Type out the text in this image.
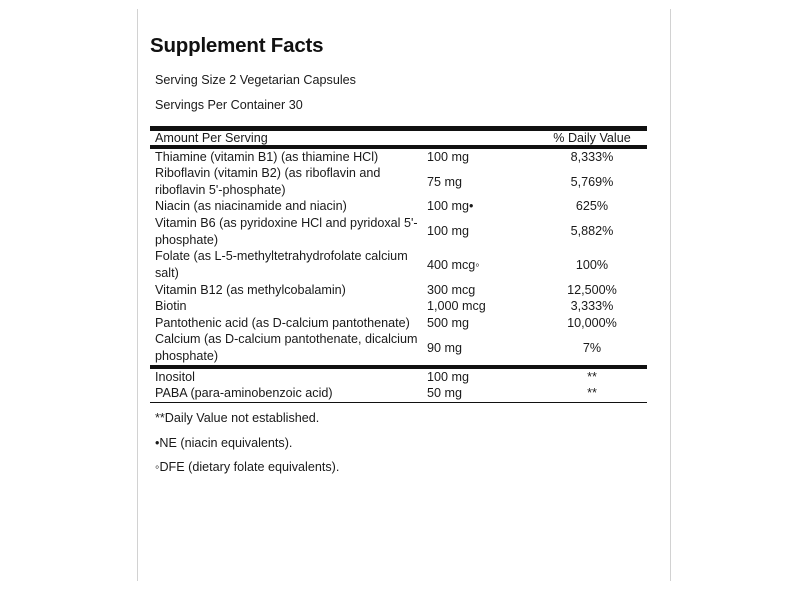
Supplement Facts
Serving Size 2 Vegetarian Capsules
Servings Per Container 30
Amount Per Serving		% Daily Value
Thiamine (vitamin B1) (as thiamine HCl)	100 mg	8,333%
Riboflavin (vitamin B2) (as riboflavin and riboflavin 5'-phosphate)	75 mg	5,769%
Niacin (as niacinamide and niacin)	100 mg•	625%
Vitamin B6 (as pyridoxine HCl and pyridoxal 5'-phosphate)	100 mg	5,882%
Folate (as L-5-methyltetrahydrofolate calcium salt)	400 mcg◦	100%
Vitamin B12 (as methylcobalamin)	300 mcg	12,500%
Biotin	1,000 mcg	3,333%
Pantothenic acid (as D-calcium pantothenate)	500 mg	10,000%
Calcium (as D-calcium pantothenate, dicalcium phosphate)	90 mg	7%
Inositol	100 mg	**
PABA (para-aminobenzoic acid)	50 mg	**
**Daily Value not established.
•NE (niacin equivalents).
◦DFE (dietary folate equivalents).
